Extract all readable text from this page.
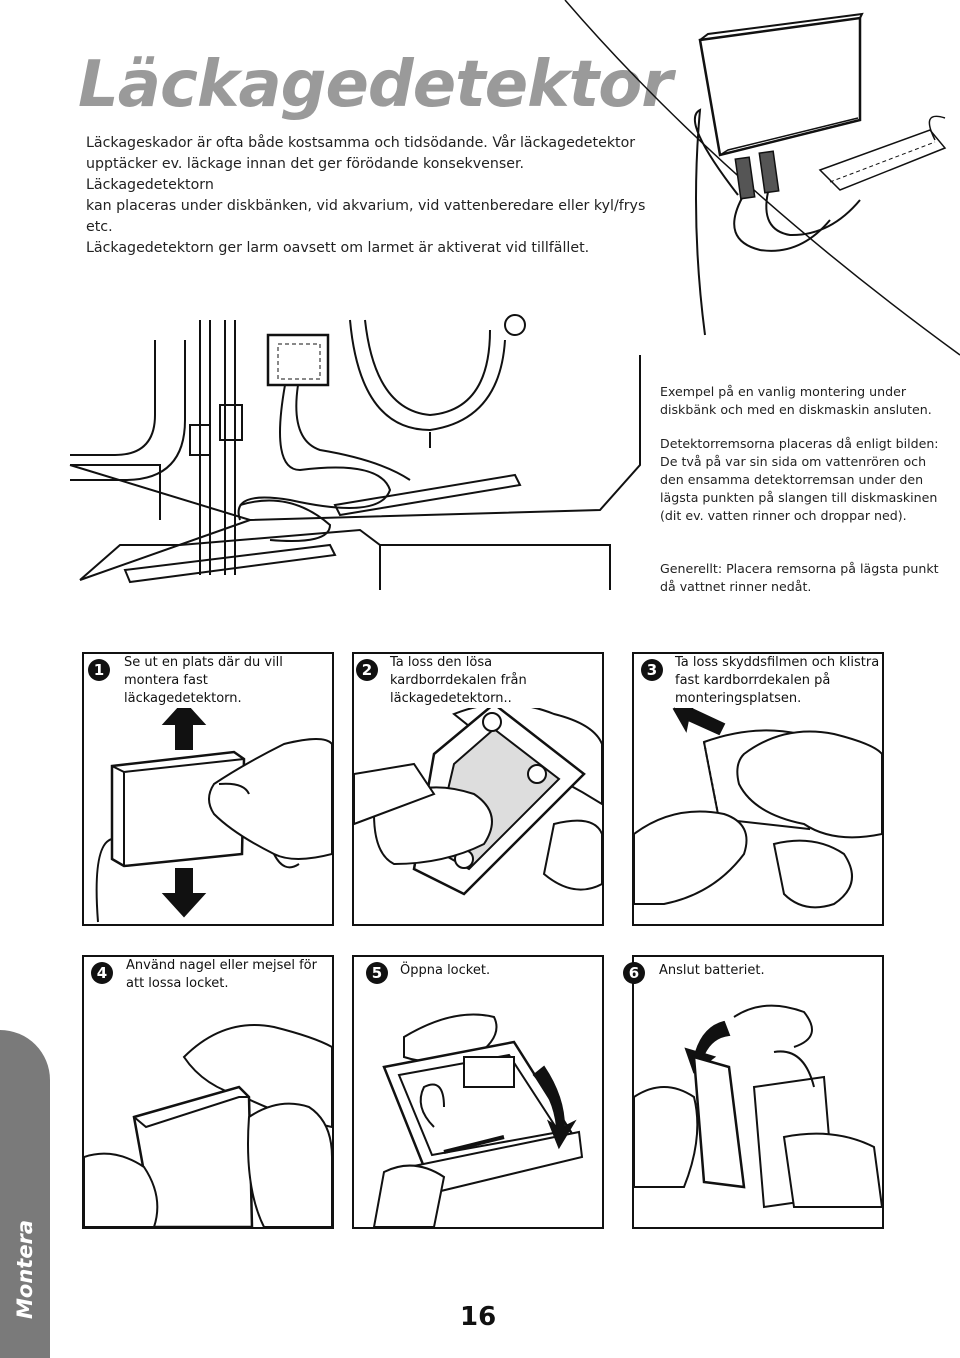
Läckagedetektor

Läckageskador är ofta både kostsamma och tidsödande. Vår läckagedetektor

upptäcker ev. läckage innan det ger förödande konsekvenser. Läckagedetektorn

kan placeras under diskbänken, vid akvarium, vid vattenberedare eller kyl/frys etc.

Läckagedetektorn ger larm oavsett om larmet är aktiverat vid tillfället.

Exempel på en vanlig montering under diskbänk och med en diskmaskin ansluten.

Detektorremsorna placeras då enligt bilden: De två på var sin sida om vattenrören och den ensamma detektorremsan under den lägsta punkten på slangen till diskmaskinen (dit ev. vatten rinner och droppar ned).

Generellt: Placera remsorna på lägsta punkt då vattnet rinner nedåt.

1	Se ut en plats där du vill montera fast läckagedetektorn.
2	Ta loss den lösa kardborrdekalen från läckagedetektorn..
3	Ta loss skyddsfilmen och klistra fast kardborrdekalen på monteringsplatsen.
4	Använd nagel eller mejsel för att lossa locket.
5	Öppna locket.	6	Anslut batteriet.
Montera	16
